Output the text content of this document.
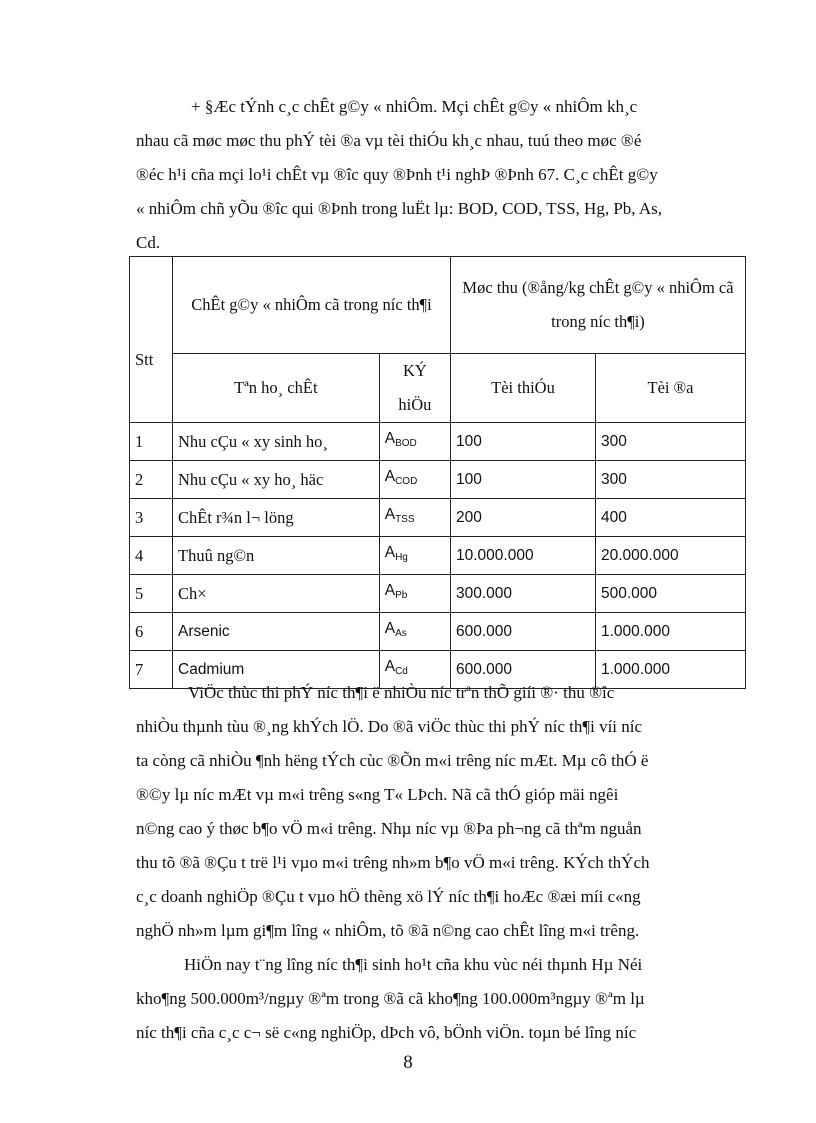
+ §Æc tÝnh c¸c chÊt g©y « nhiÔm. Mçi chÊt g©y « nhiÔm kh¸c
nhau cã møc møc thu phÝ tèi ®a vµ tèi thiÓu kh¸c nhau, tuú theo møc ®é
®éc h¹i cña mçi lo¹i chÊt vµ ®îc quy ®Þnh t¹i nghÞ ®Þnh 67. C¸c chÊt g©y
« nhiÔm chñ yÕu ®îc qui ®Þnh trong luËt lµ: BOD, COD, TSS, Hg, Pb, As,
Cd.

Stt	ChÊt g©y « nhiÔm cã trong níc th¶i		Møc thu (®ång/kg chÊt g©y « nhiÔm cã trong níc th¶i)	
	Tªn ho¸ chÊt	KÝ hiÖu	Tèi thiÓu	Tèi ®a
1	Nhu cÇu « xy sinh ho¸	$A_{BOD}$	100	300
2	Nhu cÇu « xy ho¸ häc	$A_{COD}$	100	300
3	ChÊt r¾n l¬ löng	$A_{TSS}$	200	400
4	Thuû ng©n	$A_{Hg}$	10.000.000	20.000.000
5	Ch×	$A_{Pb}$	300.000	500.000
6	Arsenic	$A_{As}$	600.000	1.000.000
7	Cadmium	$A_{Cd}$	600.000	1.000.000

ViÖc thùc thi phÝ níc th¶i ë nhiÒu níc trªn thÕ giíi ®· thu ®îc
nhiÒu thµnh tùu ®¸ng khÝch lÖ. Do ®ã viÖc thùc thi phÝ níc th¶i víi níc
ta còng cã nhiÒu ¶nh hëng tÝch cùc ®Õn m«i trêng níc mÆt. Mµ cô thÓ ë
®©y lµ níc mÆt vµ m«i trêng s«ng T« LÞch. Nã cã thÓ gióp mäi ngêi
n©ng cao ý thøc b¶o vÖ m«i trêng. Nhµ níc vµ ®Þa ph¬ng cã thªm nguån
thu tõ ®ã ®Çu t trë l¹i vµo m«i trêng nh»m b¶o vÖ m«i trêng. KÝch thÝch
c¸c doanh nghiÖp ®Çu t vµo hÖ thèng xö lÝ níc th¶i hoÆc ®æi míi c«ng
nghÖ nh»m lµm gi¶m lîng « nhiÔm, tõ ®ã n©ng cao chÊt lîng m«i trêng.

HiÖn nay t¨ng lîng níc th¶i sinh ho¹t cña khu vùc néi thµnh Hµ Néi
kho¶ng 500.000m³/ngµy ®ªm trong ®ã cã kho¶ng 100.000m³ngµy ®ªm lµ
níc th¶i cña c¸c c¬ së c«ng nghiÖp, dÞch vô, bÖnh viÖn. toµn bé lîng níc

8
